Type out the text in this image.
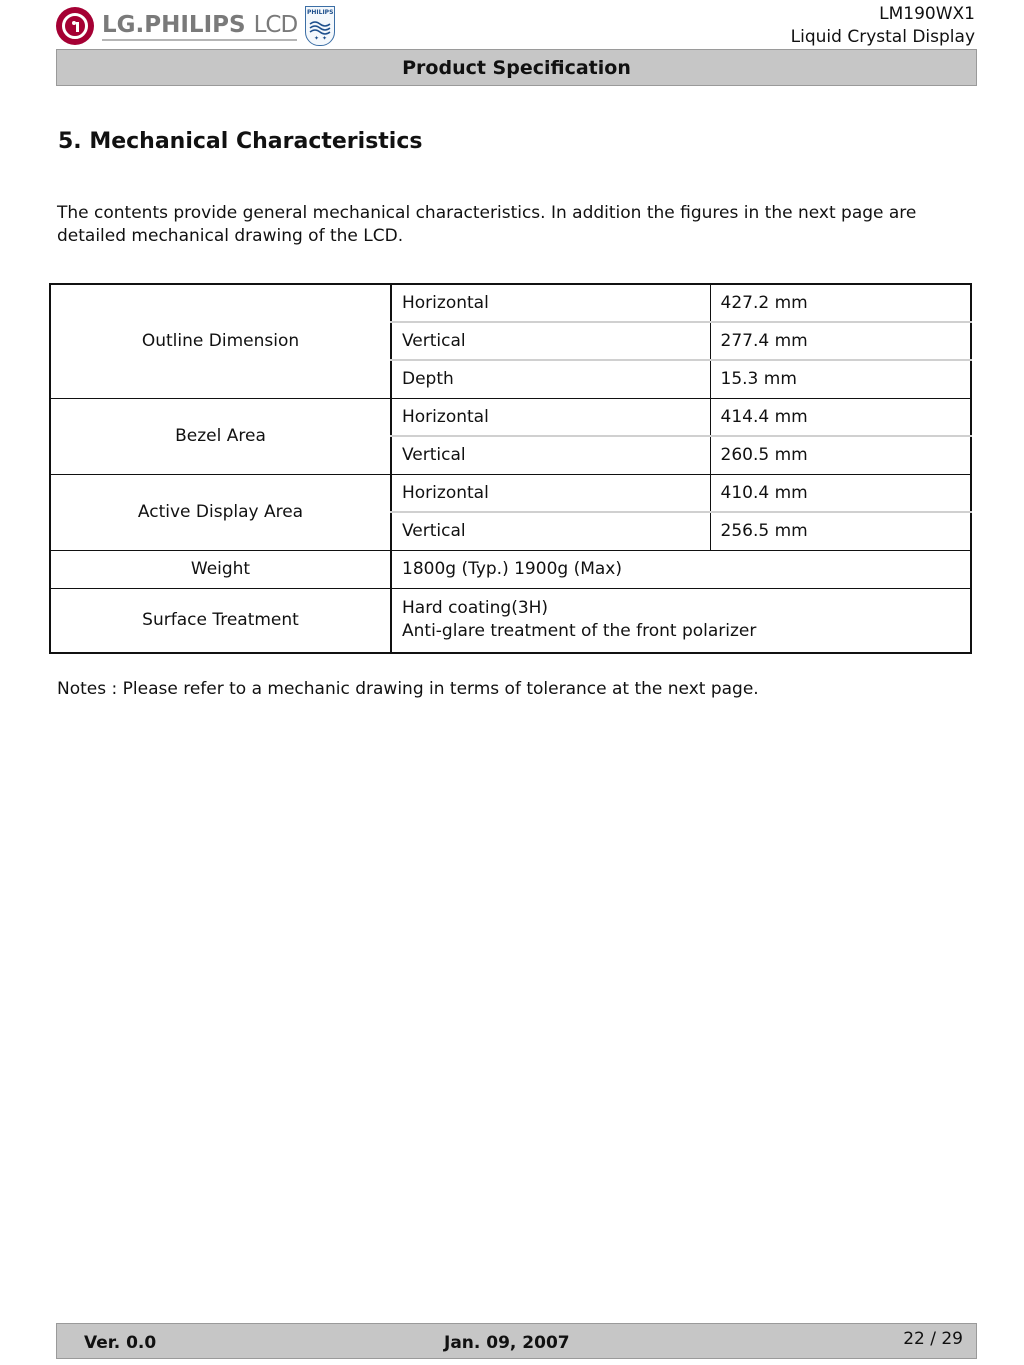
LG.PHILIPS LCD PHILIPS
✦ ✦
LM190WX1
Liquid Crystal Display
Product Specification
5. Mechanical Characteristics

The contents provide general mechanical characteristics. In addition the figures in the next page are detailed mechanical drawing of the LCD.

Outline Dimension	Horizontal	427.2 mm
	Vertical	277.4 mm
	Depth	15.3 mm
Bezel Area	Horizontal	414.4 mm
	Vertical	260.5 mm
Active Display Area	Horizontal	410.4 mm
	Vertical	256.5 mm
Weight	1800g (Typ.) 1900g (Max)	
Surface Treatment	Hard coating(3H)
Anti-glare treatment of the front polarizer	

Notes : Please refer to a mechanic drawing in terms of tolerance at the next page.

Ver. 0.0	Jan. 09, 2007	22 / 29
